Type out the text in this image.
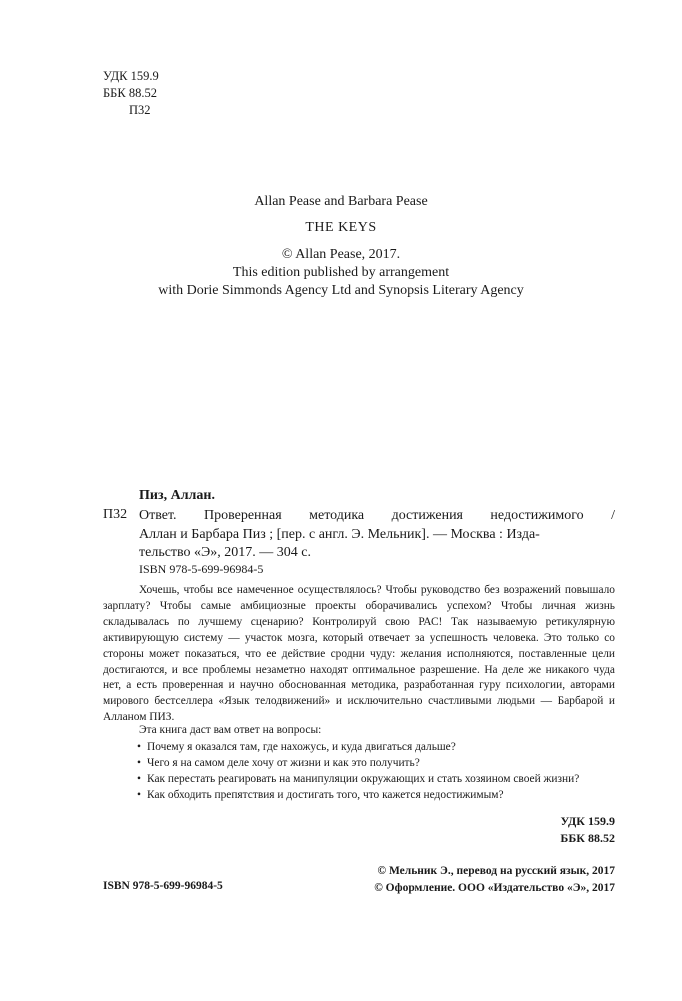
УДК 159.9
ББК 88.52
П32
Allan Pease and Barbara Pease
THE KEYS
© Allan Pease, 2017.
This edition published by arrangement
with Dorie Simmonds Agency Ltd and Synopsis Literary Agency
Пиз, Аллан.
П32 Ответ. Проверенная методика достижения недостижимого /
Аллан и Барбара Пиз ; [пер. с англ. Э. Мельник]. — Москва : Изда-
тельство «Э», 2017. — 304 с.
ISBN 978-5-699-96984-5

Хочешь, чтобы все намеченное осуществлялось? Чтобы руководство без возражений повышало зарплату? Чтобы самые амбициозные проекты оборачивались успехом? Чтобы личная жизнь складывалась по лучшему сценарию? Контролируй свою РАС! Так называемую ретикулярную активирующую систему — участок мозга, который отвечает за успешность человека. Это только со стороны может показаться, что ее действие сродни чуду: желания исполняются, поставленные цели достигаются, и все проблемы незаметно находят оптимальное разрешение. На деле же никакого чуда нет, а есть проверенная и научно обоснованная методика, разработанная гуру психологии, авторами мирового бестселлера «Язык телодвижений» и исключительно счастливыми людьми — Барбарой и Алланом ПИЗ.

Эта книга даст вам ответ на вопросы:
• Почему я оказался там, где нахожусь, и куда двигаться дальше?
• Чего я на самом деле хочу от жизни и как это получить?
• Как перестать реагировать на манипуляции окружающих и стать хозяином своей жизни?
• Как обходить препятствия и достигать того, что кажется недостижимым?
УДК 159.9
ББК 88.52
© Мельник Э., перевод на русский язык, 2017
© Оформление. ООО «Издательство «Э», 2017
ISBN 978-5-699-96984-5
